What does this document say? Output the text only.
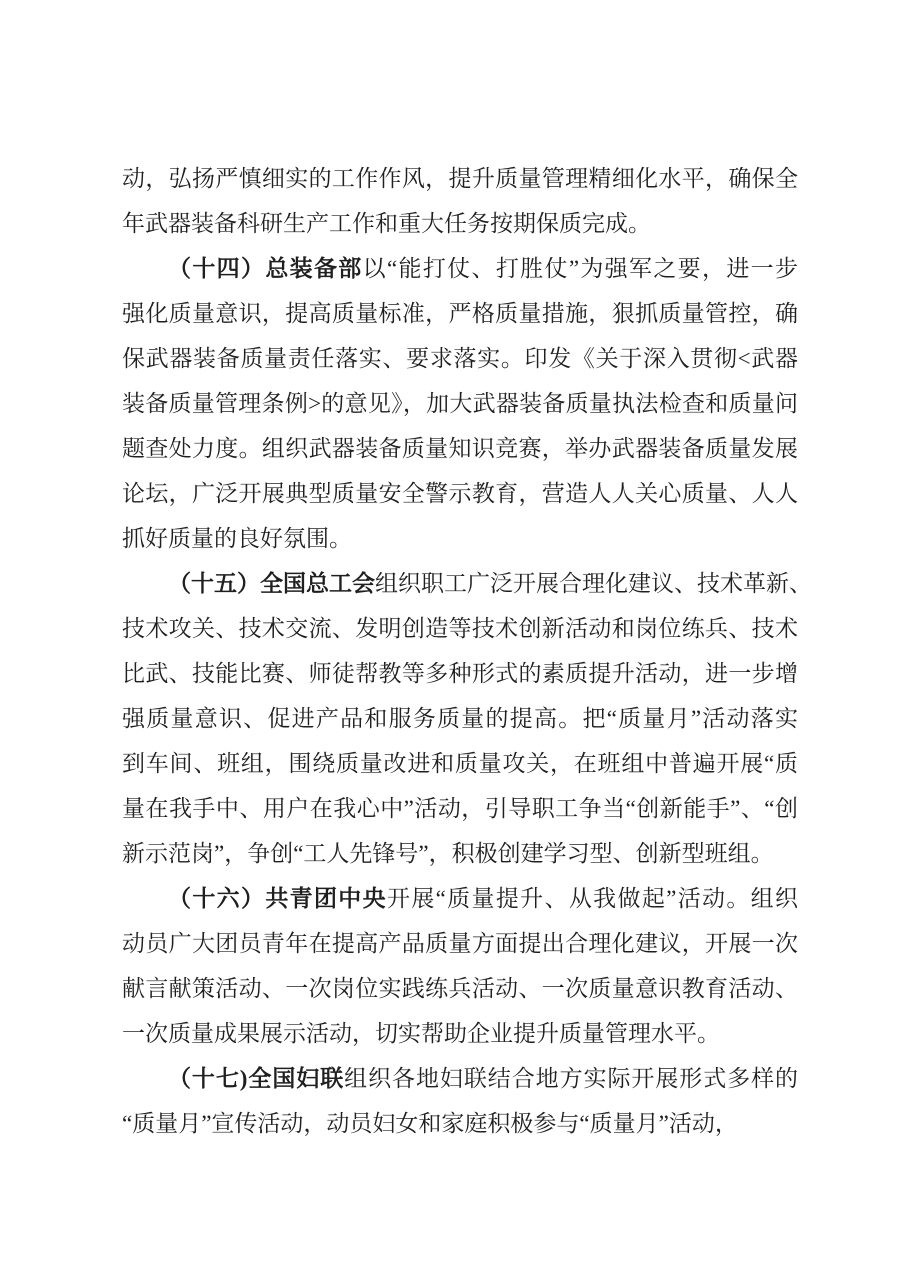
动，弘扬严慎细实的工作作风，提升质量管理精细化水平，确保全
年武器装备科研生产工作和重大任务按期保质完成。
（十四）总装备部以“能打仗、打胜仗”为强军之要，进一步
强化质量意识，提高质量标准，严格质量措施，狠抓质量管控，确
保武器装备质量责任落实、要求落实。印发《关于深入贯彻<武器
装备质量管理条例>的意见》，加大武器装备质量执法检查和质量问
题查处力度。组织武器装备质量知识竞赛，举办武器装备质量发展
论坛，广泛开展典型质量安全警示教育，营造人人关心质量、人人
抓好质量的良好氛围。
（十五）全国总工会组织职工广泛开展合理化建议、技术革新、
技术攻关、技术交流、发明创造等技术创新活动和岗位练兵、技术
比武、技能比赛、师徒帮教等多种形式的素质提升活动，进一步增
强质量意识、促进产品和服务质量的提高。把“质量月”活动落实
到车间、班组，围绕质量改进和质量攻关，在班组中普遍开展“质
量在我手中、用户在我心中”活动，引导职工争当“创新能手”、“创
新示范岗”，争创“工人先锋号”，积极创建学习型、创新型班组。
（十六）共青团中央开展“质量提升、从我做起”活动。组织
动员广大团员青年在提高产品质量方面提出合理化建议，开展一次
献言献策活动、一次岗位实践练兵活动、一次质量意识教育活动、
一次质量成果展示活动，切实帮助企业提升质量管理水平。
（十七)全国妇联组织各地妇联结合地方实际开展形式多样的
“质量月”宣传活动，动员妇女和家庭积极参与“质量月”活动，
